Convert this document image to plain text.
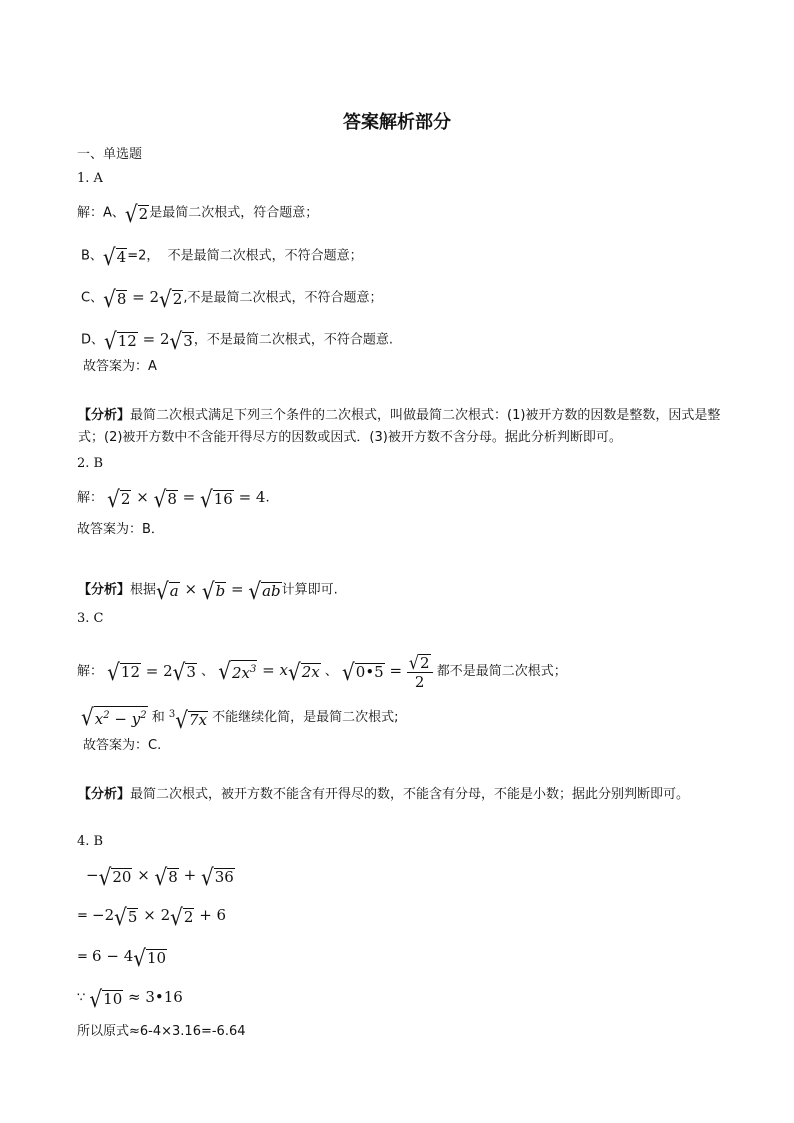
答案解析部分
一、单选题
1. A
解：A、√2是最简二次根式，符合题意；
B、√4=2， 不是最简二次根式，不符合题意；
C、√8 = 2√2,不是最简二次根式，不符合题意；
D、√12 = 2√3，不是最简二次根式，不符合题意.
故答案为：A
【分析】最简二次根式满足下列三个条件的二次根式，叫做最简二次根式：(1)被开方数的因数是整数，因式是整式；(2)被开方数中不含能开得尽方的因数或因式．(3)被开方数不含分母。据此分析判断即可。
2. B
解： √2 × √8 = √16 = 4.
故答案为：B．
【分析】根据√a × √b = √ab计算即可.
3. C
解： √12 = 2√3 、 $√2x^3 = x√2x$ 、 √0•5 = $\frac{√2}{2}$ 都不是最简二次根式；
$√x^2 - y^2$ 和 $^3$√7x 不能继续化简，是最简二次根式;
故答案为：C.
【分析】最简二次根式，被开方数不能含有开得尽的数，不能含有分母，不能是小数；据此分别判断即可。
4. B
−√20 × √8 + √36
= −2√5 × 2√2 + 6
= 6 − 4√10
∵ √10 ≈ 3•16
所以原式≈6-4×3.16=-6.64
